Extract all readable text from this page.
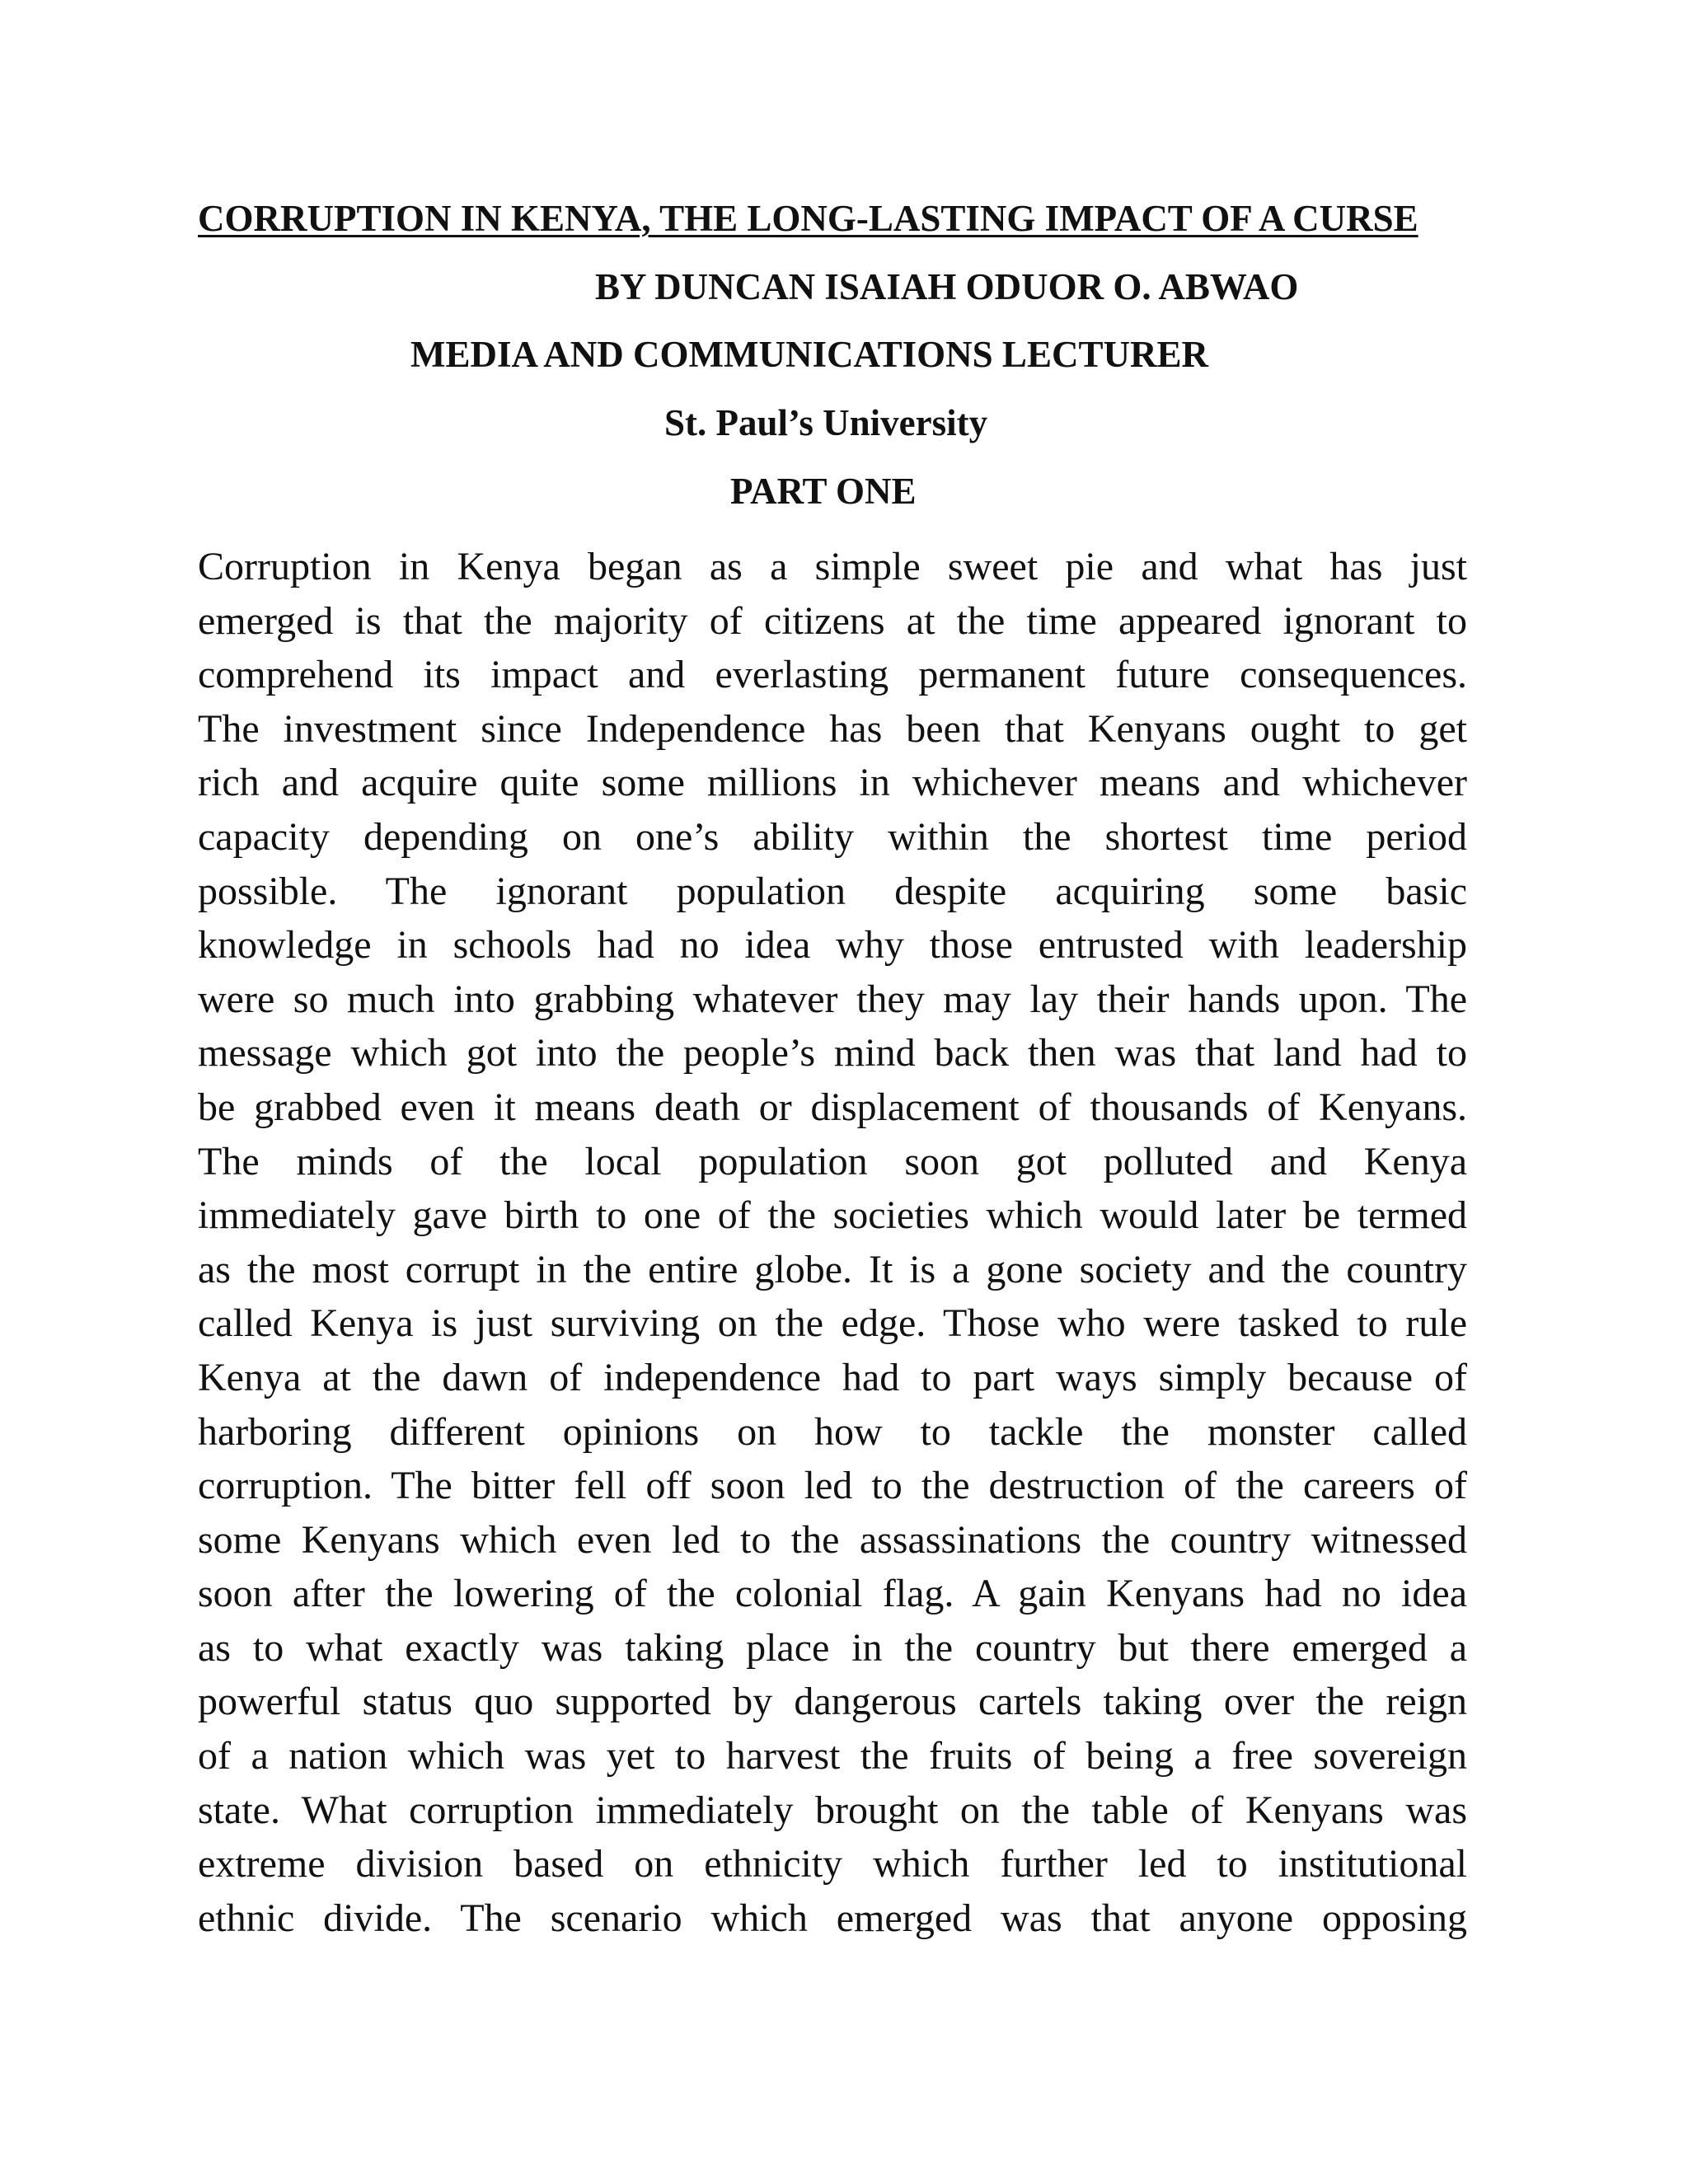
CORRUPTION IN KENYA, THE LONG-LASTING IMPACT OF A CURSE

BY DUNCAN ISAIAH ODUOR O. ABWAO

MEDIA AND COMMUNICATIONS LECTURER

St. Paul’s University

PART ONE

Corruption in Kenya began as a simple sweet pie and what has just
emerged is that the majority of citizens at the time appeared ignorant to
comprehend its impact and everlasting permanent future consequences.
The investment since Independence has been that Kenyans ought to get
rich and acquire quite some millions in whichever means and whichever
capacity depending on one’s ability within the shortest time period
possible. The ignorant population despite acquiring some basic
knowledge in schools had no idea why those entrusted with leadership
were so much into grabbing whatever they may lay their hands upon. The
message which got into the people’s mind back then was that land had to
be grabbed even it means death or displacement of thousands of Kenyans.
The minds of the local population soon got polluted and Kenya
immediately gave birth to one of the societies which would later be termed
as the most corrupt in the entire globe. It is a gone society and the country
called Kenya is just surviving on the edge. Those who were tasked to rule
Kenya at the dawn of independence had to part ways simply because of
harboring different opinions on how to tackle the monster called
corruption. The bitter fell off soon led to the destruction of the careers of
some Kenyans which even led to the assassinations the country witnessed
soon after the lowering of the colonial flag. A gain Kenyans had no idea
as to what exactly was taking place in the country but there emerged a
powerful status quo supported by dangerous cartels taking over the reign
of a nation which was yet to harvest the fruits of being a free sovereign
state. What corruption immediately brought on the table of Kenyans was
extreme division based on ethnicity which further led to institutional
ethnic divide. The scenario which emerged was that anyone opposing
